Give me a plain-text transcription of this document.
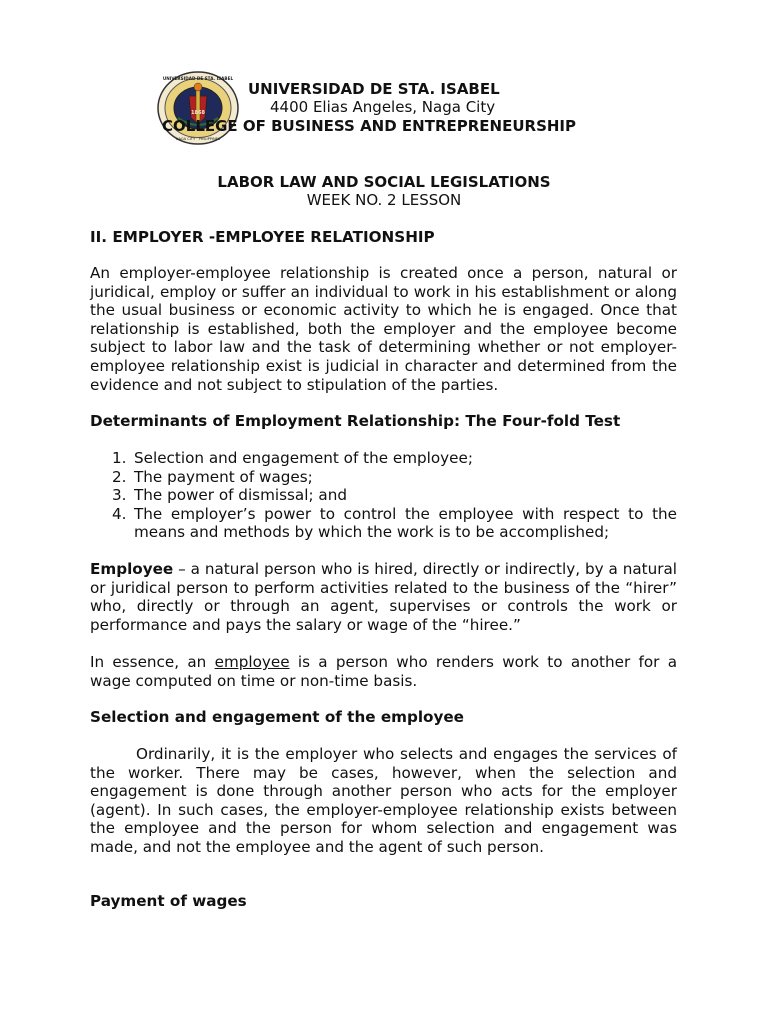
UNIVERSIDAD DE STA. ISABEL
1868
NAGA CITY · PHILIPPINES
UNIVERSIDAD DE STA. ISABEL
4400 Elias Angeles, Naga City
COLLEGE OF BUSINESS AND ENTREPRENEURSHIP
LABOR LAW AND SOCIAL LEGISLATIONS
WEEK NO. 2 LESSON
II. EMPLOYER -EMPLOYEE RELATIONSHIP
An employer-employee relationship is created once a person, natural or juridical, employ or suffer an individual to work in his establishment or along the usual business or economic activity to which he is engaged. Once that relationship is established, both the employer and the employee become subject to labor law and the task of determining whether or not employer-employee relationship exist is judicial in character and determined from the evidence and not subject to stipulation of the parties.
Determinants of Employment Relationship: The Four-fold Test
1. Selection and engagement of the employee;
2. The payment of wages;
3. The power of dismissal; and
4. The employer’s power to control the employee with respect to the means and methods by which the work is to be accomplished;
Employee – a natural person who is hired, directly or indirectly, by a natural or juridical person to perform activities related to the business of the “hirer” who, directly or through an agent, supervises or controls the work or performance and pays the salary or wage of the “hiree.”
In essence, an employee is a person who renders work to another for a wage computed on time or non-time basis.
Selection and engagement of the employee
Ordinarily, it is the employer who selects and engages the services of the worker. There may be cases, however, when the selection and engagement is done through another person who acts for the employer (agent). In such cases, the employer-employee relationship exists between the employee and the person for whom selection and engagement was made, and not the employee and the agent of such person.
Payment of wages
